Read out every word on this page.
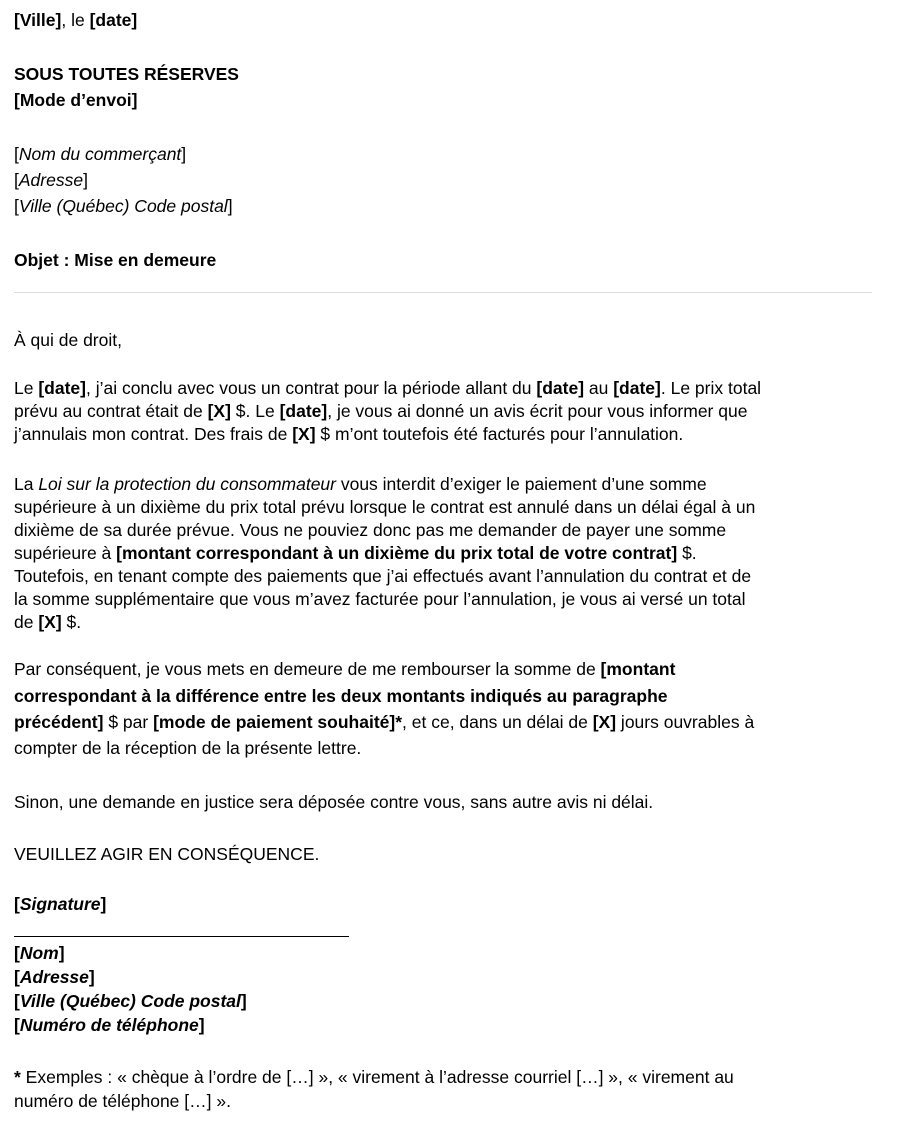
[Ville], le [date]
SOUS TOUTES RÉSERVES
[Mode d’envoi]
[Nom du commerçant]
[Adresse]
[Ville (Québec) Code postal]
Objet : Mise en demeure
À qui de droit,
Le [date], j’ai conclu avec vous un contrat pour la période allant du [date] au [date]. Le prix total
prévu au contrat était de [X] $. Le [date], je vous ai donné un avis écrit pour vous informer que
j’annulais mon contrat. Des frais de [X] $ m’ont toutefois été facturés pour l’annulation.
La Loi sur la protection du consommateur vous interdit d’exiger le paiement d’une somme
supérieure à un dixième du prix total prévu lorsque le contrat est annulé dans un délai égal à un
dixième de sa durée prévue. Vous ne pouviez donc pas me demander de payer une somme
supérieure à [montant correspondant à un dixième du prix total de votre contrat] $.
Toutefois, en tenant compte des paiements que j’ai effectués avant l’annulation du contrat et de
la somme supplémentaire que vous m’avez facturée pour l’annulation, je vous ai versé un total
de [X] $.
Par conséquent, je vous mets en demeure de me rembourser la somme de [montant
correspondant à la différence entre les deux montants indiqués au paragraphe
précédent] $ par [mode de paiement souhaité]*, et ce, dans un délai de [X] jours ouvrables à
compter de la réception de la présente lettre.
Sinon, une demande en justice sera déposée contre vous, sans autre avis ni délai.
VEUILLEZ AGIR EN CONSÉQUENCE.
[Signature]
[Nom]
[Adresse]
[Ville (Québec) Code postal]
[Numéro de téléphone]
* Exemples : « chèque à l’ordre de […] », « virement à l’adresse courriel […] », « virement au
numéro de téléphone […] ».
